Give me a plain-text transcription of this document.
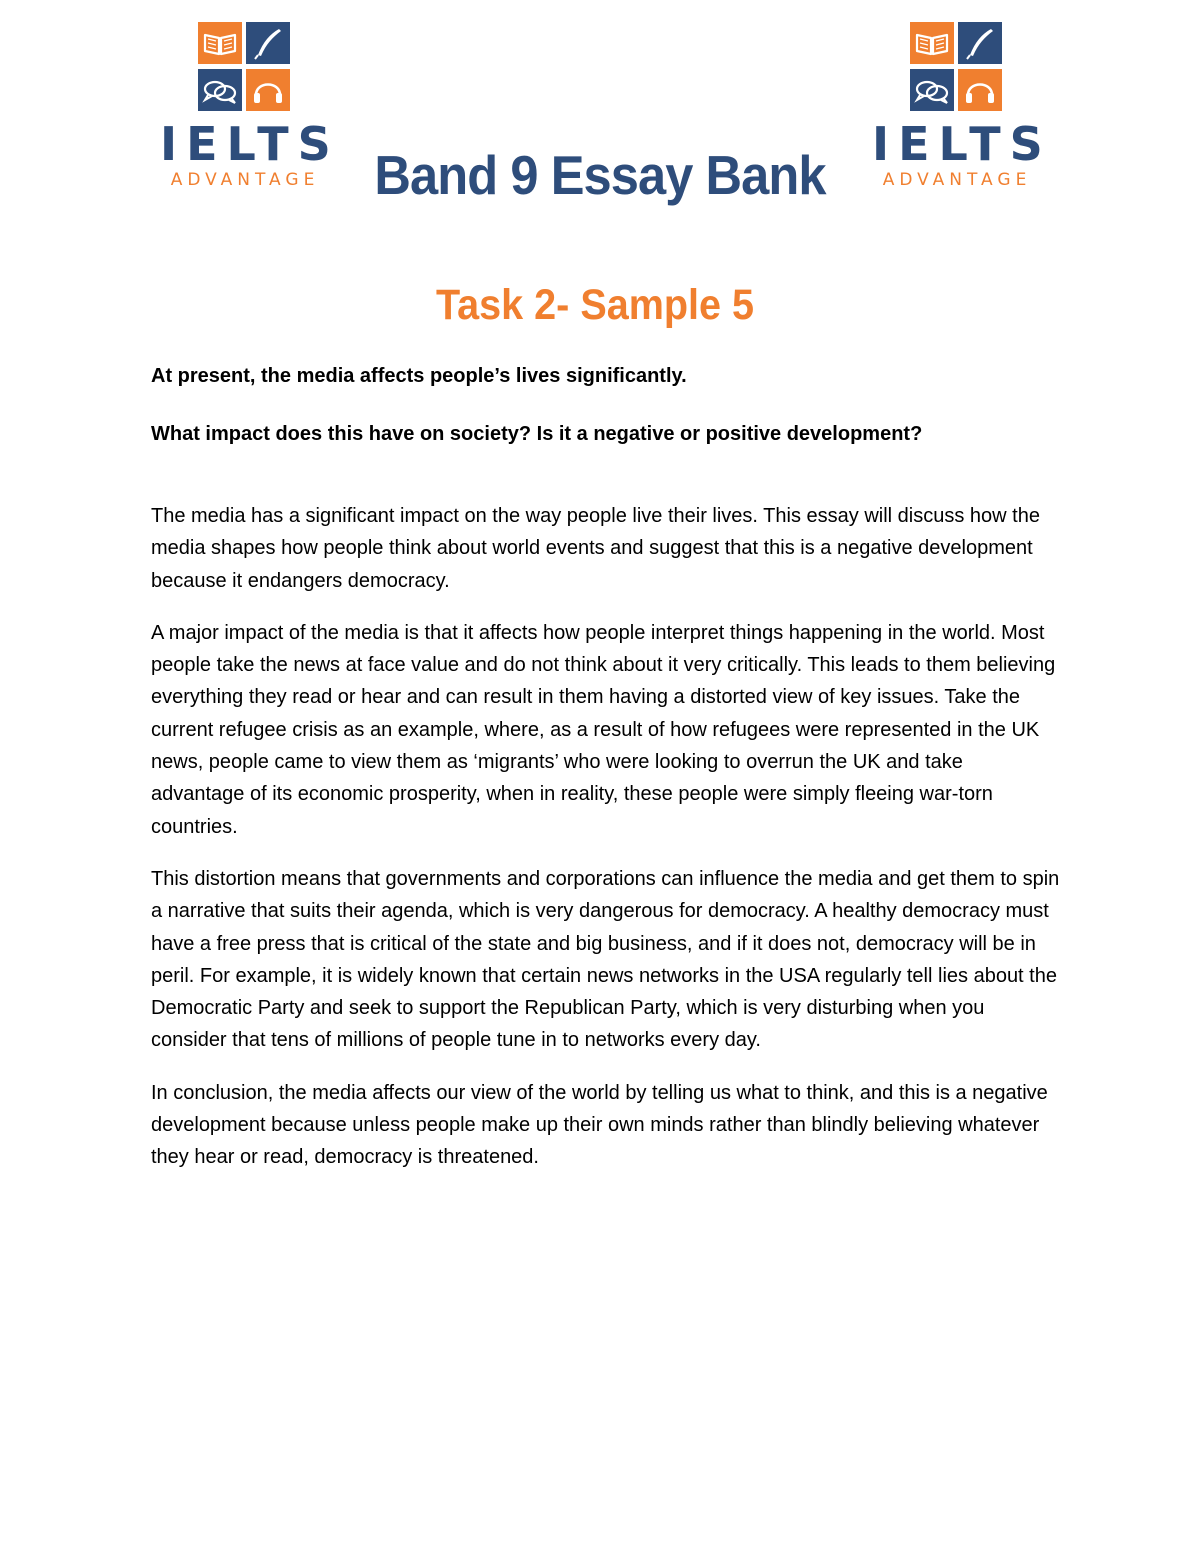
IELTS
ADVANTAGE
IELTS
ADVANTAGE
Band 9 Essay Bank
Task 2- Sample 5

At present, the media affects people’s lives significantly.

What impact does this have on society? Is it a negative or positive development?

The media has a significant impact on the way people live their lives. This essay will discuss how the media shapes how people think about world events and suggest that this is a negative development because it endangers democracy.

A major impact of the media is that it affects how people interpret things happening in the world. Most people take the news at face value and do not think about it very critically. This leads to them believing everything they read or hear and can result in them having a distorted view of key issues. Take the current refugee crisis as an example, where, as a result of how refugees were represented in the UK news, people came to view them as ‘migrants’ who were looking to overrun the UK and take advantage of its economic prosperity, when in reality, these people were simply fleeing war-torn countries.

This distortion means that governments and corporations can influence the media and get them to spin a narrative that suits their agenda, which is very dangerous for democracy. A healthy democracy must have a free press that is critical of the state and big business, and if it does not, democracy will be in peril. For example, it is widely known that certain news networks in the USA regularly tell lies about the Democratic Party and seek to support the Republican Party, which is very disturbing when you consider that tens of millions of people tune in to networks every day.

In conclusion, the media affects our view of the world by telling us what to think, and this is a negative development because unless people make up their own minds rather than blindly believing whatever they hear or read, democracy is threatened.
